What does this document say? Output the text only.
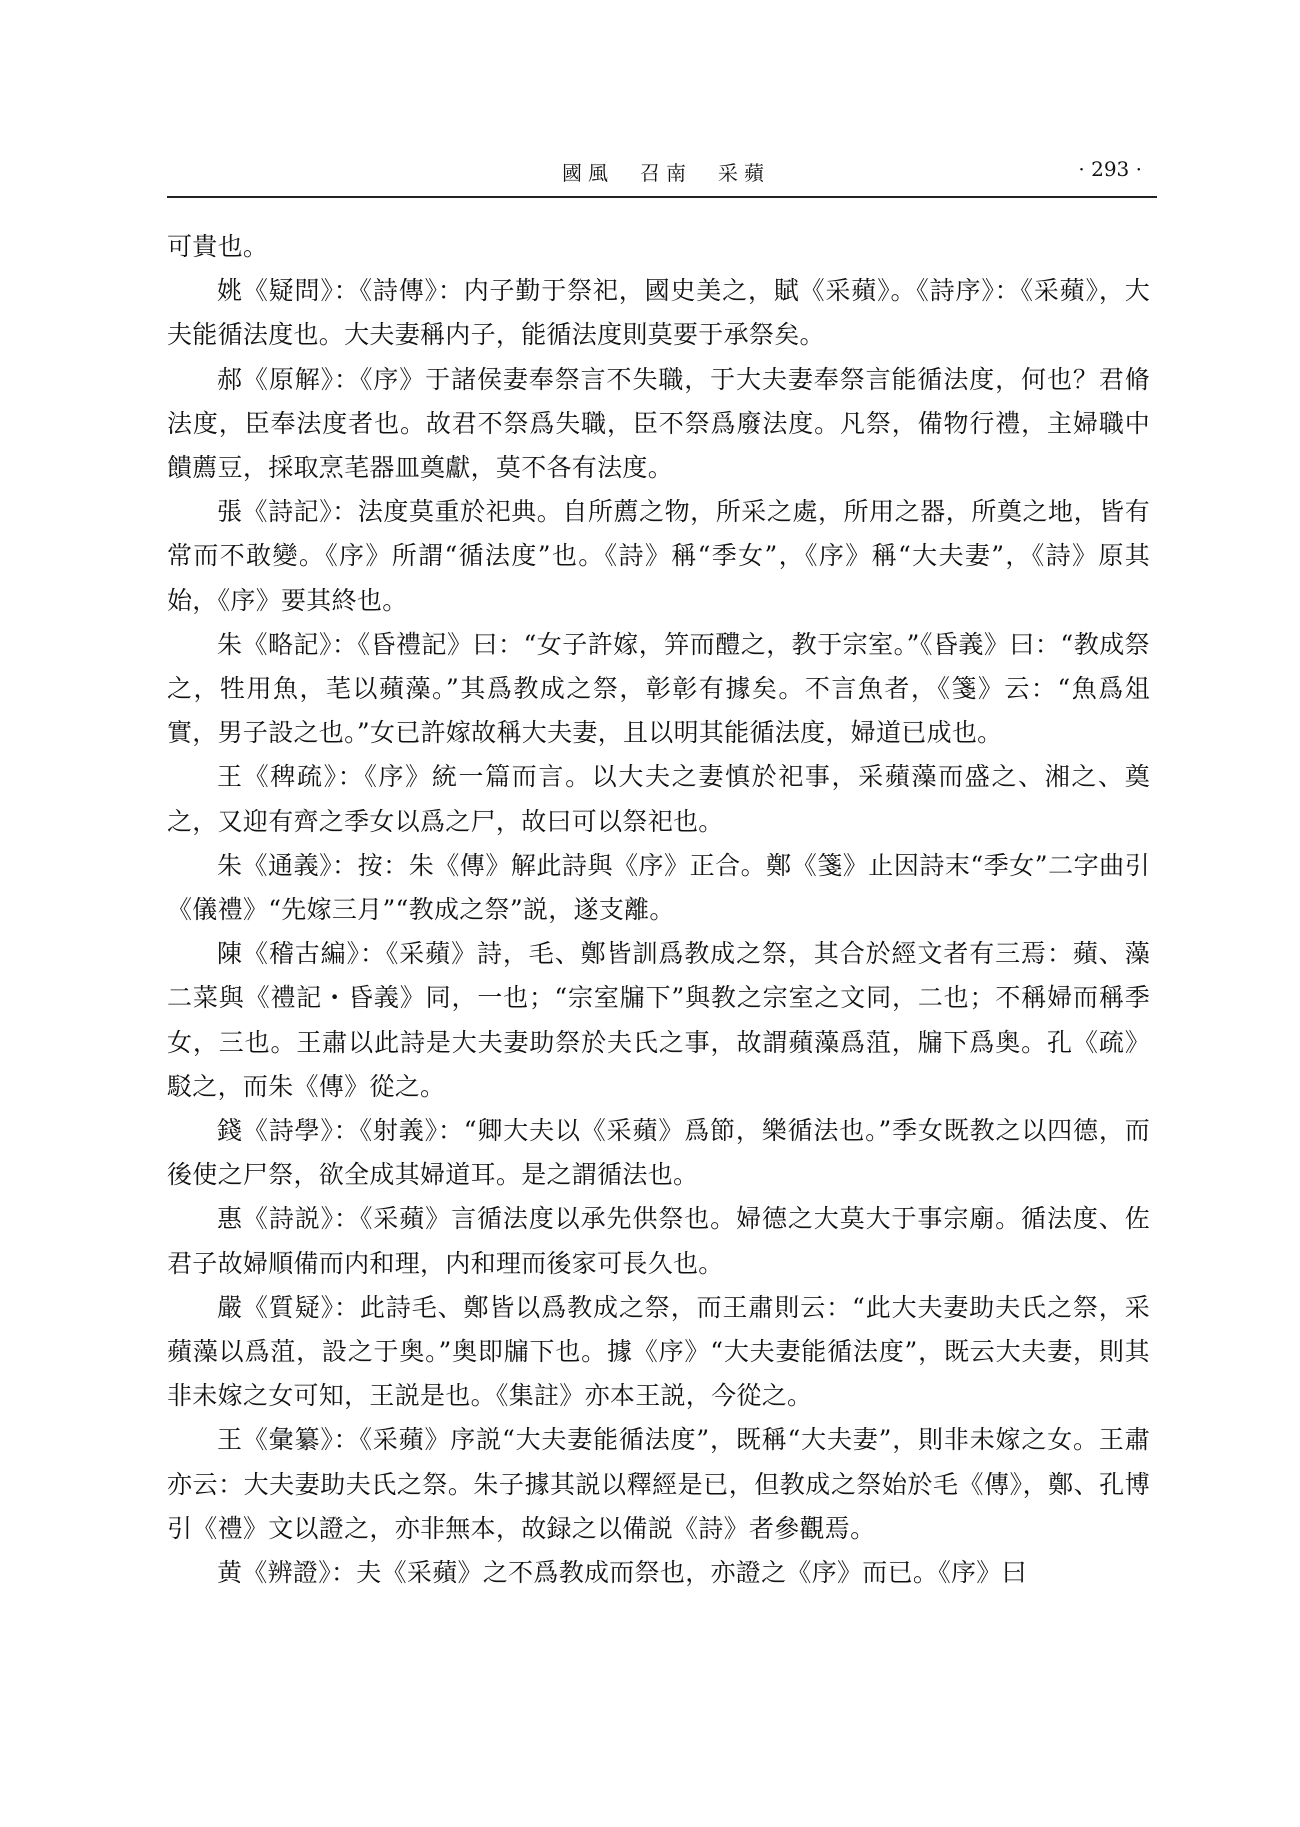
國風　召南　采蘋	· 293 ·

可貴也。

姚《疑問》：《詩傳》：内子勤于祭祀，國史美之，賦《采蘋》。《詩序》：《采蘋》，大夫能循法度也。大夫妻稱内子，能循法度則莫要于承祭矣。

郝《原解》：《序》于諸侯妻奉祭言不失職，于大夫妻奉祭言能循法度，何也？君脩法度，臣奉法度者也。故君不祭爲失職，臣不祭爲廢法度。凡祭，備物行禮，主婦職中饋薦豆，採取烹芼器皿奠獻，莫不各有法度。

張《詩記》：法度莫重於祀典。自所薦之物，所采之處，所用之器，所奠之地，皆有常而不敢變。《序》所謂“循法度”也。《詩》稱“季女”，《序》稱“大夫妻”，《詩》原其始，《序》要其終也。

朱《略記》：《昏禮記》曰：“女子許嫁，笄而醴之，教于宗室。”《昏義》曰：“教成祭之，牲用魚，芼以蘋藻。”其爲教成之祭，彰彰有據矣。不言魚者，《箋》云：“魚爲俎實，男子設之也。”女已許嫁故稱大夫妻，且以明其能循法度，婦道已成也。

王《稗疏》：《序》統一篇而言。以大夫之妻慎於祀事，采蘋藻而盛之、湘之、奠之，又迎有齊之季女以爲之尸，故曰可以祭祀也。

朱《通義》：按：朱《傳》解此詩與《序》正合。鄭《箋》止因詩末“季女”二字曲引《儀禮》“先嫁三月”“教成之祭”説，遂支離。

陳《稽古編》：《采蘋》詩，毛、鄭皆訓爲教成之祭，其合於經文者有三焉：蘋、藻二菜與《禮記・昏義》同，一也；“宗室牖下”與教之宗室之文同，二也；不稱婦而稱季女，三也。王肅以此詩是大夫妻助祭於夫氏之事，故謂蘋藻爲菹，牖下爲奥。孔《疏》駁之，而朱《傳》從之。

錢《詩學》：《射義》：“卿大夫以《采蘋》爲節，樂循法也。”季女既教之以四德，而後使之尸祭，欲全成其婦道耳。是之謂循法也。

惠《詩説》：《采蘋》言循法度以承先供祭也。婦德之大莫大于事宗廟。循法度、佐君子故婦順備而内和理，内和理而後家可長久也。

嚴《質疑》：此詩毛、鄭皆以爲教成之祭，而王肅則云：“此大夫妻助夫氏之祭，采蘋藻以爲菹，設之于奥。”奥即牖下也。據《序》“大夫妻能循法度”，既云大夫妻，則其非未嫁之女可知，王説是也。《集註》亦本王説，今從之。

王《彙纂》：《采蘋》序説“大夫妻能循法度”，既稱“大夫妻”，則非未嫁之女。王肅亦云：大夫妻助夫氏之祭。朱子據其説以釋經是已，但教成之祭始於毛《傳》，鄭、孔博引《禮》文以證之，亦非無本，故録之以備説《詩》者參觀焉。

黄《辨證》：夫《采蘋》之不爲教成而祭也，亦證之《序》而已。《序》曰
